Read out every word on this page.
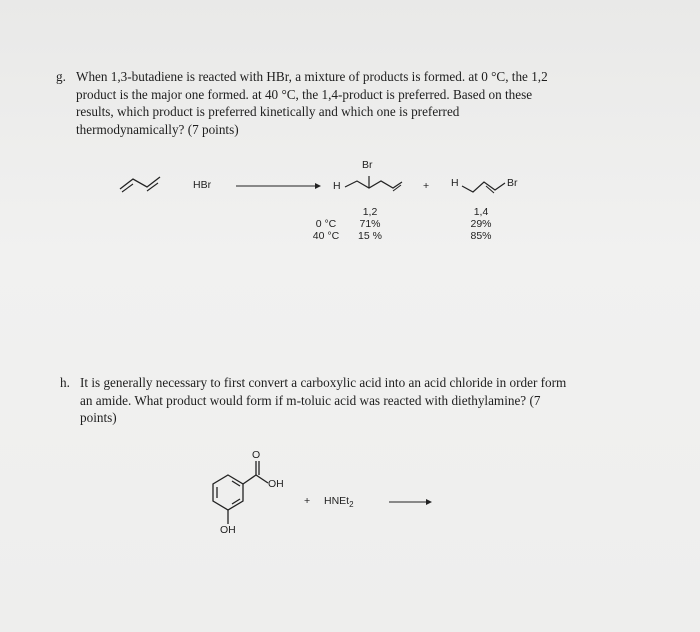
g. When 1,3-butadiene is reacted with HBr, a mixture of products is formed. at 0 °C, the 1,2
product is the major one formed. at 40 °C, the 1,4-product is preferred. Based on these
results, which product is preferred kinetically and which one is preferred
thermodynamically? (7 points)
HBr
Br
H	+ H	Br
0 °C
40 °C
1,2
71%
15 %
1,4
29%
85%
h. It is generally necessary to first convert a carboxylic acid into an acid chloride in order form
an amide. What product would form if m-toluic acid was reacted with diethylamine? (7
points)
O
OH
OH
+ HNEt$_2$
